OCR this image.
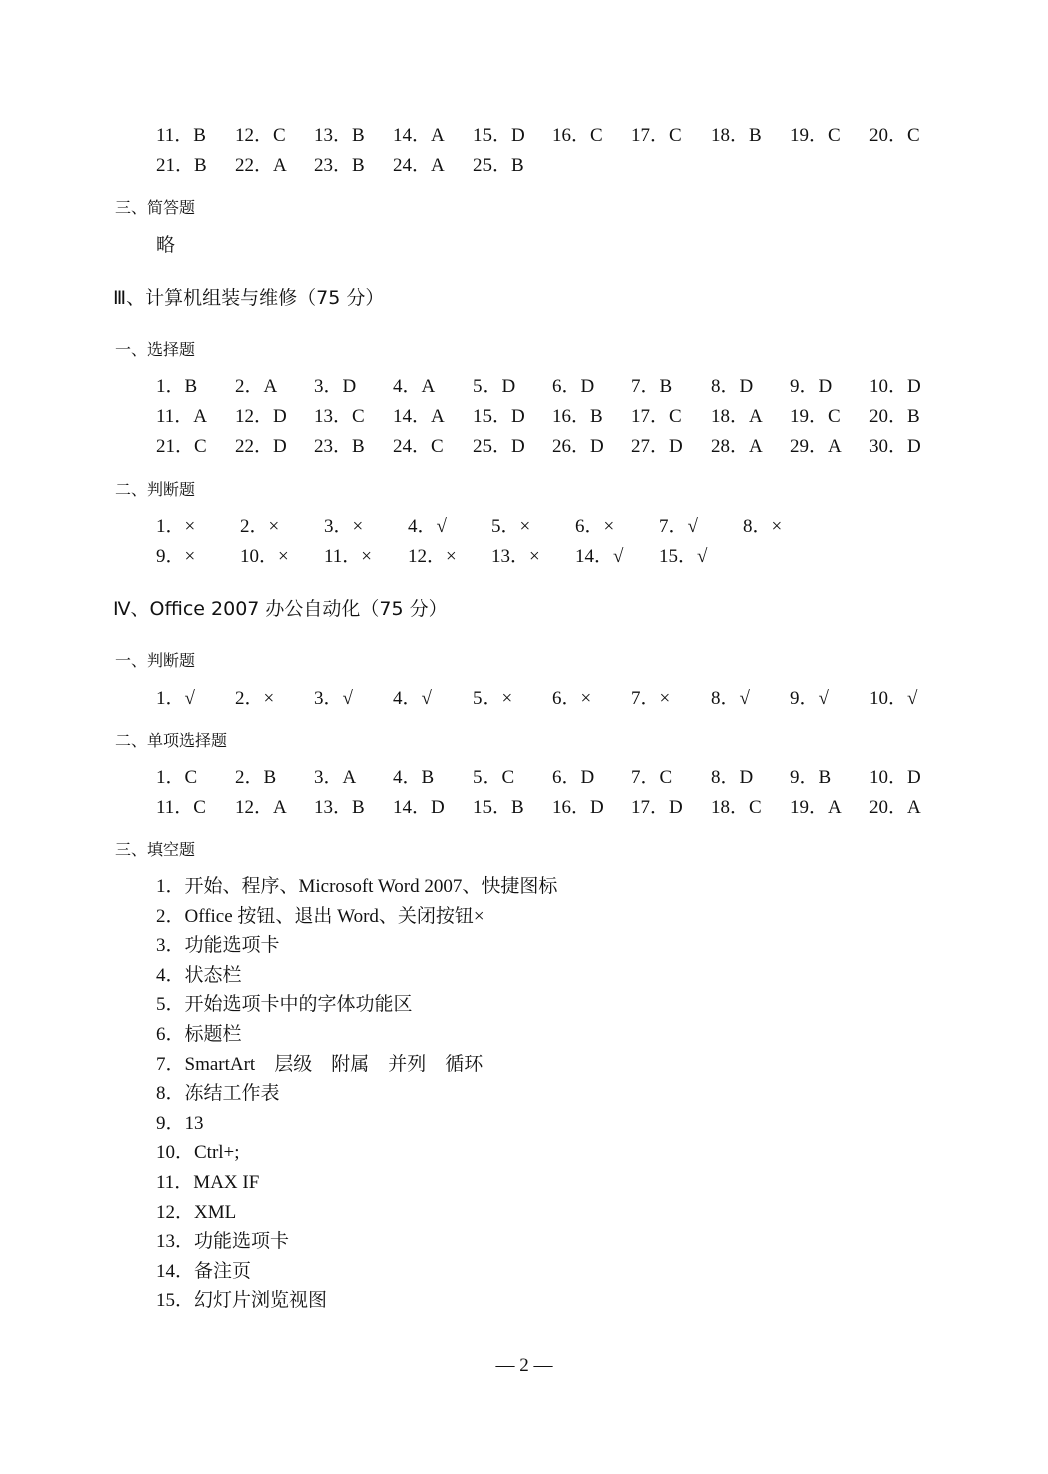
11．B 12．C 13．B 14．A 15．D 16．C 17．C 18．B 19．C 20．C
21．B 22．A 23．B 24．A 25．B
三、简答题
略
Ⅲ、计算机组装与维修（75 分）
一、选择题
1．B 2．A 3．D 4．A 5．D 6．D 7．B 8．D 9．D 10．D
11．A 12．D 13．C 14．A 15．D 16．B 17．C 18．A 19．C 20．B
21．C 22．D 23．B 24．C 25．D 26．D 27．D 28．A 29．A 30．D
二、判断题
1．× 2．× 3．× 4．√ 5．× 6．× 7．√ 8．×
9．× 10．× 11．× 12．× 13．× 14．√ 15．√
Ⅳ、Office 2007 办公自动化（75 分）
一、判断题
1．√ 2．× 3．√ 4．√ 5．× 6．× 7．× 8．√ 9．√ 10．√
二、单项选择题
1．C 2．B 3．A 4．B 5．C 6．D 7．C 8．D 9．B 10．D
11．C 12．A 13．B 14．D 15．B 16．D 17．D 18．C 19．A 20．A
三、填空题
1．开始、程序、Microsoft Word 2007、快捷图标
2．Office 按钮、退出 Word、关闭按钮×
3．功能选项卡
4．状态栏
5．开始选项卡中的字体功能区
6．标题栏
7．SmartArt　层级　附属　并列　循环
8．冻结工作表
9．13
10．Ctrl+;
11．MAX IF
12．XML
13．功能选项卡
14．备注页
15．幻灯片浏览视图
— 2 —
